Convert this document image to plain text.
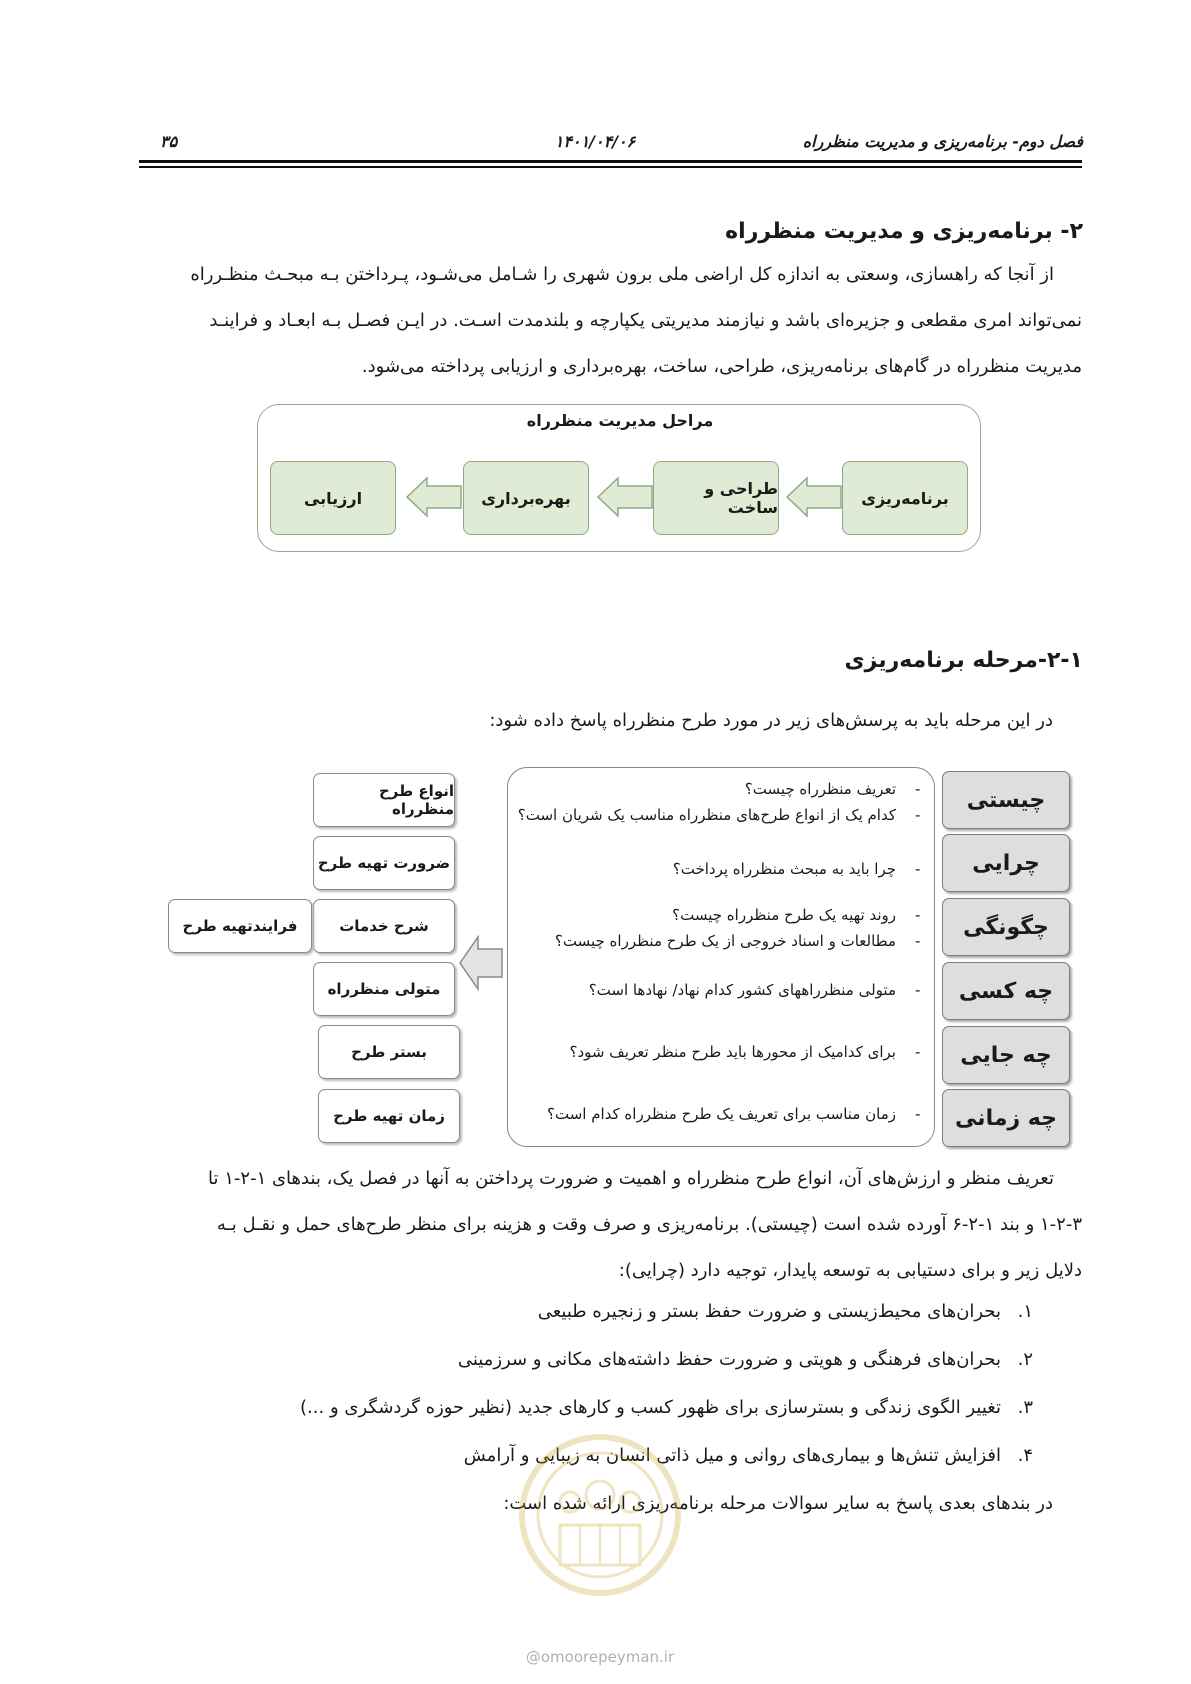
فصل دوم- برنامه‌ریزی و مدیریت منظرراه
۱۴۰۱/۰۴/۰۶
۳۵
۲- برنامه‌ریزی و مدیریت منظرراه
از آنجا که راهسازی، وسعتی به اندازه کل اراضی ملی برون شهری را شـامل می‌شـود، پـرداختن بـه مبحـث منظـرراه
نمی‌تواند امری مقطعی و جزیره‌ای باشد و نیازمند مدیریتی یکپارچه و بلندمدت اسـت. در ایـن فصـل بـه ابعـاد و فراینـد
مدیریت منظرراه در گام‌های برنامه‌ریزی، طراحی، ساخت، بهره‌برداری و ارزیابی پرداخته می‌شود.
مراحل مدیریت منظرراه
برنامه‌ریزی
طراحی و ساخت
بهره‌برداری
ارزیابی
۲-۱-مرحله برنامه‌ریزی
در این مرحله باید به پرسش‌های زیر در مورد طرح منظرراه پاسخ داده شود:
چیستی
چرایی
چگونگی
چه کسی
چه جایی
چه زمانی
-
تعریف منظرراه چیست؟
-
کدام یک از انواع طرح‌های منظرراه مناسب یک شریان است؟
-
چرا باید به مبحث منظرراه پرداخت؟
-
روند تهیه یک طرح منظرراه چیست؟
-
مطالعات و اسناد خروجی از یک طرح منظرراه چیست؟
-
متولی منظرراههای کشور کدام نهاد/ نهادها است؟
-
برای کدامیک از محورها باید طرح منظر تعریف شود؟
-
زمان مناسب برای تعریف یک طرح منظرراه کدام است؟
انواع طرح منظرراه
ضرورت تهیه طرح
شرح خدمات
متولی منظرراه
بستر طرح
زمان تهیه طرح
فرایندتهیه طرح
تعریف منظر و ارزش‌های آن، انواع طرح منظرراه و اهمیت و ضرورت پرداختن به آنها در فصل یک، بندهای ۱-۲-۱ تا
۱-۲-۳ و بند ۱-۲-۶ آورده شده است (چیستی). برنامه‌ریزی و صرف وقت و هزینه برای منظر طرح‌های حمل و نقـل بـه
دلایل زیر و برای دستیابی به توسعه پایدار، توجیه دارد (چرایی):
۱.
بحران‌های محیط‌زیستی و ضرورت حفظ بستر و زنجیره طبیعی
۲.
بحران‌های فرهنگی و هویتی و ضرورت حفظ داشته‌های مکانی و سرزمینی
۳.
تغییر الگوی زندگی و بسترسازی برای ظهور کسب و کارهای جدید (نظیر حوزه گردشگری و ...)
۴.
افزایش تنش‌ها و بیماری‌های روانی و میل ذاتی انسان به زیبایی و آرامش
در بندهای بعدی پاسخ به سایر سوالات مرحله برنامه‌ریزی ارائه شده است:
@omoorepeyman.ir
